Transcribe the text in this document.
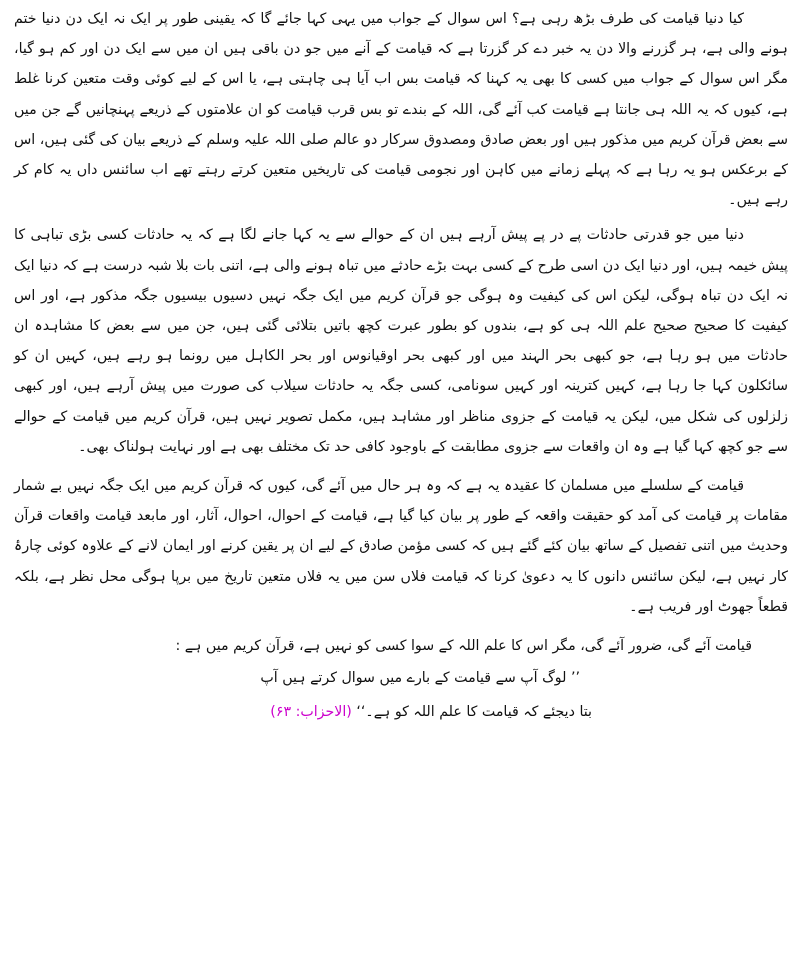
کیا دنیا قیامت کی طرف بڑھ رہی ہے؟ اس سوال کے جواب میں یہی کہا جائے گا کہ یقینی طور پر ایک نہ ایک دن دنیا ختم ہونے والی ہے، ہر گزرنے والا دن یہ خبر دے کر گزرتا ہے کہ قیامت کے آنے میں جو دن باقی ہیں ان میں سے ایک دن اور کم ہو گیا، مگر اس سوال کے جواب میں کسی کا بھی یہ کہنا کہ قیامت بس اب آیا ہی چاہتی ہے، یا اس کے لیے کوئی وقت متعین کرنا غلط ہے، کیوں کہ یہ اللہ ہی جانتا ہے قیامت کب آئے گی، اللہ کے بندے تو بس قرب قیامت کو ان علامتوں کے ذریعے پہنچانیں گے جن میں سے بعض قرآن کریم میں مذکور ہیں اور بعض صادق ومصدوق سرکار دو عالم صلی اللہ علیہ وسلم کے ذریعے بیان کی گئی ہیں، اس کے برعکس ہو یہ رہا ہے کہ پہلے زمانے میں کاہن اور نجومی قیامت کی تاریخیں متعین کرتے رہتے تھے اب سائنس داں یہ کام کر رہے ہیں۔

دنیا میں جو قدرتی حادثات پے در پے پیش آرہے ہیں ان کے حوالے سے یہ کہا جانے لگا ہے کہ یہ حادثات کسی بڑی تباہی کا پیش خیمہ ہیں، اور دنیا ایک دن اسی طرح کے کسی بہت بڑے حادثے میں تباہ ہونے والی ہے، اتنی بات بلا شبہ درست ہے کہ دنیا ایک نہ ایک دن تباہ ہوگی، لیکن اس کی کیفیت وہ ہوگی جو قرآن کریم میں ایک جگہ نہیں دسیوں بیسیوں جگہ مذکور ہے، اور اس کیفیت کا صحیح صحیح علم اللہ ہی کو ہے، بندوں کو بطور عبرت کچھ باتیں بتلائی گئی ہیں، جن میں سے بعض کا مشاہدہ ان حادثات میں ہو رہا ہے، جو کبھی بحر الہند میں اور کبھی بحر اوقیانوس اور بحر الکاہل میں رونما ہو رہے ہیں، کہیں ان کو سائکلون کہا جا رہا ہے، کہیں کترینہ اور کہیں سونامی، کسی جگہ یہ حادثات سیلاب کی صورت میں پیش آرہے ہیں، اور کبھی زلزلوں کی شکل میں، لیکن یہ قیامت کے جزوی مناظر اور مشاہد ہیں، مکمل تصویر نہیں ہیں، قرآن کریم میں قیامت کے حوالے سے جو کچھ کہا گیا ہے وہ ان واقعات سے جزوی مطابقت کے باوجود کافی حد تک مختلف بھی ہے اور نہایت ہولناک بھی۔

قیامت کے سلسلے میں مسلمان کا عقیدہ یہ ہے کہ وہ ہر حال میں آئے گی، کیوں کہ قرآن کریم میں ایک جگہ نہیں بے شمار مقامات پر قیامت کی آمد کو حقیقت واقعہ کے طور پر بیان کیا گیا ہے، قیامت کے احوال، احوال، آثار، اور مابعد قیامت واقعات قرآن وحدیث میں اتنی تفصیل کے ساتھ بیان کئے گئے ہیں کہ کسی مؤمن صادق کے لیے ان پر یقین کرنے اور ایمان لانے کے علاوہ کوئی چارۂ کار نہیں ہے، لیکن سائنس دانوں کا یہ دعویٰ کرنا کہ قیامت فلاں سن میں یہ فلاں متعین تاریخ میں برپا ہوگی محل نظر ہے، بلکہ قطعاً جھوٹ اور فریب ہے۔

قیامت آئے گی، ضرور آئے گی، مگر اس کا علم اللہ کے سوا کسی کو نہیں ہے، قرآن کریم میں ہے :

’’ لوگ آپ سے قیامت کے بارے میں سوال کرتے ہیں آپ

بتا دیجئے کہ قیامت کا علم اللہ کو ہے۔‘‘ (الاحزاب: ۶۳)
